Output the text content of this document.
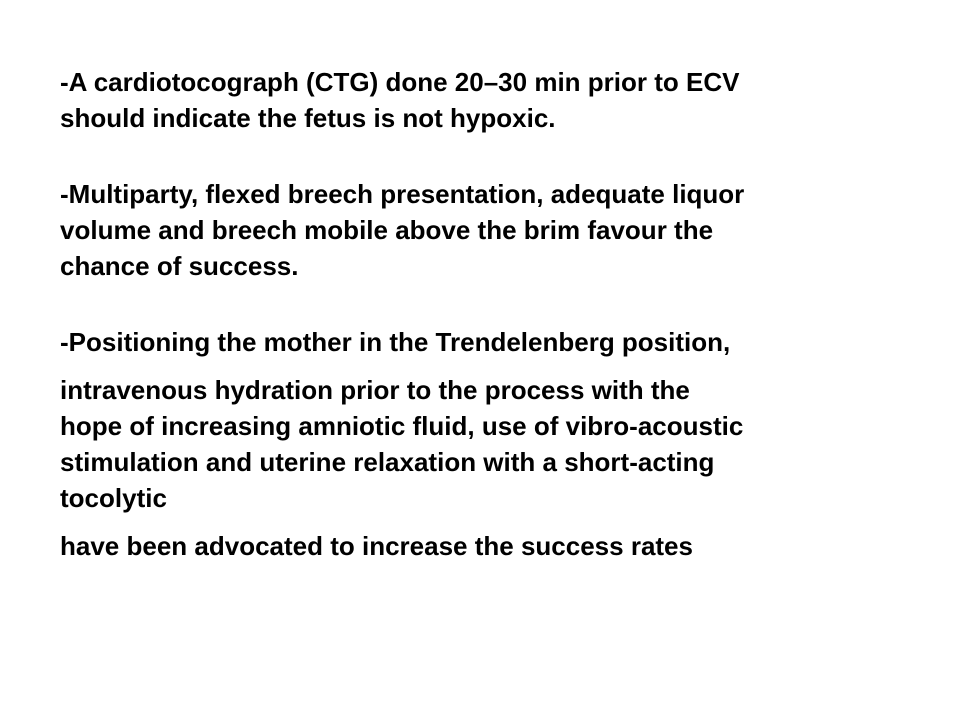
-A cardiotocograph (CTG) done 20–30 min prior to ECV
should indicate the fetus is not hypoxic.

-Multiparty, ﬂexed breech presentation, adequate liquor
volume and breech mobile above the brim favour the
chance of success.

-Positioning the mother in the Trendelenberg position,

intravenous hydration prior to the process with the
hope of increasing amniotic ﬂuid, use of vibro-acoustic
stimulation and uterine relaxation with a short-acting
tocolytic

have been advocated to increase the success rates
